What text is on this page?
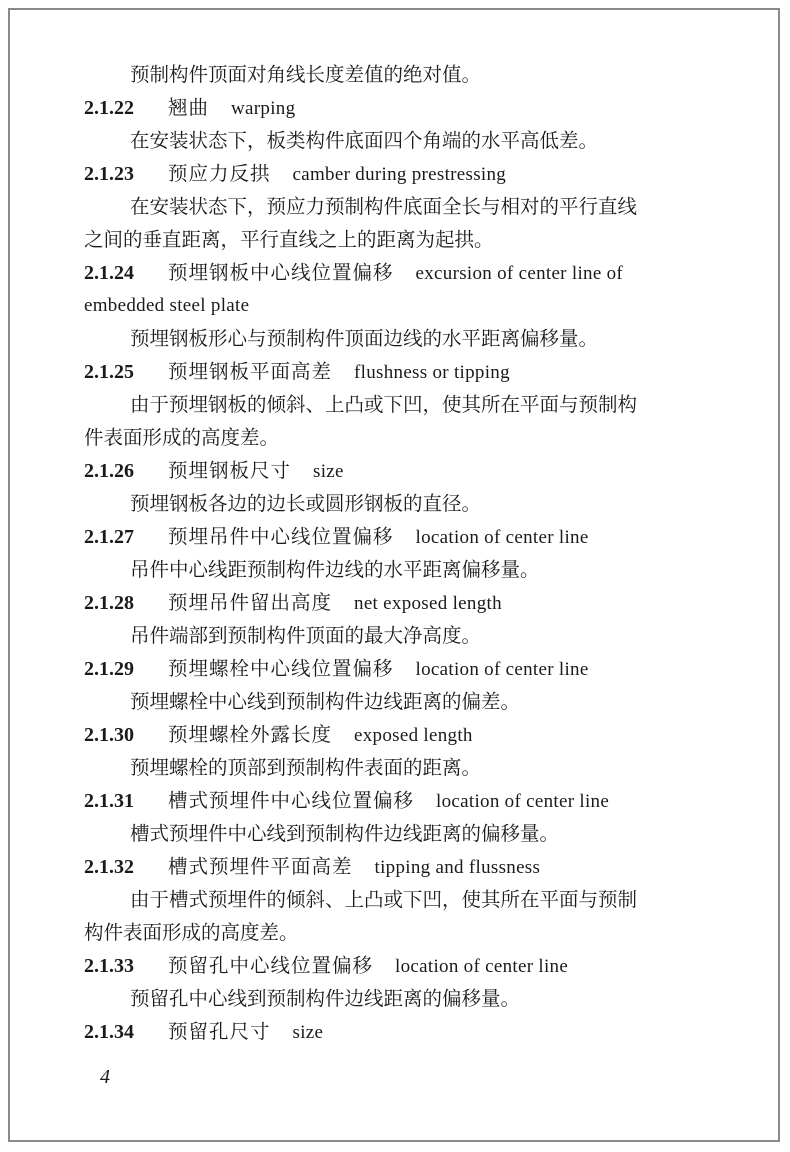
预制构件顶面对角线长度差值的绝对值。
2.1.22 翘曲 warping
在安装状态下，板类构件底面四个角端的水平高低差。
2.1.23 预应力反拱 camber during prestressing
在安装状态下，预应力预制构件底面全长与相对的平行直线
之间的垂直距离，平行直线之上的距离为起拱。
2.1.24 预埋钢板中心线位置偏移 excursion of center line of
embedded steel plate
预埋钢板形心与预制构件顶面边线的水平距离偏移量。
2.1.25 预埋钢板平面高差 flushness or tipping
由于预埋钢板的倾斜、上凸或下凹，使其所在平面与预制构
件表面形成的高度差。
2.1.26 预埋钢板尺寸 size
预埋钢板各边的边长或圆形钢板的直径。
2.1.27 预埋吊件中心线位置偏移 location of center line
吊件中心线距预制构件边线的水平距离偏移量。
2.1.28 预埋吊件留出高度 net exposed length
吊件端部到预制构件顶面的最大净高度。
2.1.29 预埋螺栓中心线位置偏移 location of center line
预埋螺栓中心线到预制构件边线距离的偏差。
2.1.30 预埋螺栓外露长度 exposed length
预埋螺栓的顶部到预制构件表面的距离。
2.1.31 槽式预埋件中心线位置偏移 location of center line
槽式预埋件中心线到预制构件边线距离的偏移量。
2.1.32 槽式预埋件平面高差 tipping and flussness
由于槽式预埋件的倾斜、上凸或下凹，使其所在平面与预制
构件表面形成的高度差。
2.1.33 预留孔中心线位置偏移 location of center line
预留孔中心线到预制构件边线距离的偏移量。
2.1.34 预留孔尺寸 size
4
